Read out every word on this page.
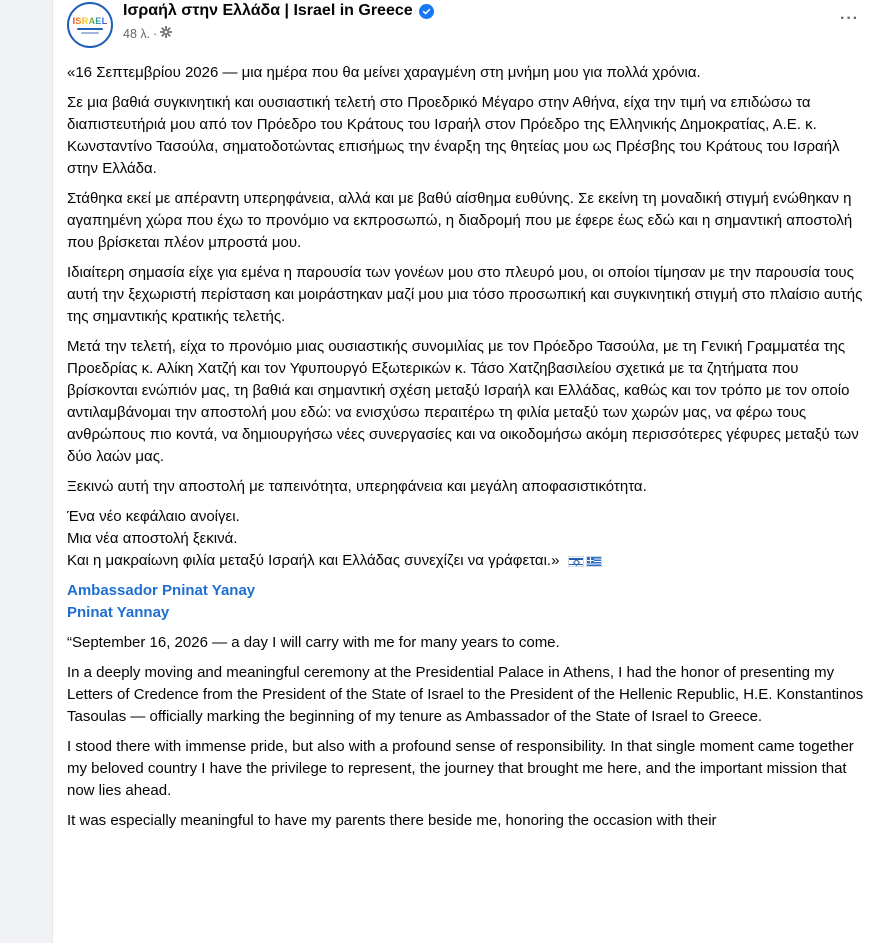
ISRAEL
Ισραήλ στην Ελλάδα | Israel in Greece
48 λ. ·
···

«16 Σεπτεμβρίου 2026 — μια ημέρα που θα μείνει χαραγμένη στη μνήμη μου για πολλά χρόνια.

Σε μια βαθιά συγκινητική και ουσιαστική τελετή στο Προεδρικό Μέγαρο στην Αθήνα, είχα την τιμή να επιδώσω τα διαπιστευτήριά μου από τον Πρόεδρο του Κράτους του Ισραήλ στον Πρόεδρο της Ελληνικής Δημοκρατίας, Α.Ε. κ. Κωνσταντίνο Τασούλα, σηματοδοτώντας επισήμως την έναρξη της θητείας μου ως Πρέσβης του Κράτους του Ισραήλ στην Ελλάδα.

Στάθηκα εκεί με απέραντη υπερηφάνεια, αλλά και με βαθύ αίσθημα ευθύνης. Σε εκείνη τη μοναδική στιγμή ενώθηκαν η αγαπημένη χώρα που έχω το προνόμιο να εκπροσωπώ, η διαδρομή που με έφερε έως εδώ και η σημαντική αποστολή που βρίσκεται πλέον μπροστά μου.

Ιδιαίτερη σημασία είχε για εμένα η παρουσία των γονέων μου στο πλευρό μου, οι οποίοι τίμησαν με την παρουσία τους αυτή την ξεχωριστή περίσταση και μοιράστηκαν μαζί μου μια τόσο προσωπική και συγκινητική στιγμή στο πλαίσιο αυτής της σημαντικής κρατικής τελετής.

Μετά την τελετή, είχα το προνόμιο μιας ουσιαστικής συνομιλίας με τον Πρόεδρο Τασούλα, με τη Γενική Γραμματέα της Προεδρίας κ. Αλίκη Χατζή και τον Υφυπουργό Εξωτερικών κ. Τάσο Χατζηβασιλείου σχετικά με τα ζητήματα που βρίσκονται ενώπιόν μας, τη βαθιά και σημαντική σχέση μεταξύ Ισραήλ και Ελλάδας, καθώς και τον τρόπο με τον οποίο αντιλαμβάνομαι την αποστολή μου εδώ: να ενισχύσω περαιτέρω τη φιλία μεταξύ των χωρών μας, να φέρω τους ανθρώπους πιο κοντά, να δημιουργήσω νέες συνεργασίες και να οικοδομήσω ακόμη περισσότερες γέφυρες μεταξύ των δύο λαών μας.

Ξεκινώ αυτή την αποστολή με ταπεινότητα, υπερηφάνεια και μεγάλη αποφασιστικότητα.

Ένα νέο κεφάλαιο ανοίγει.

Μια νέα αποστολή ξεκινά.

Και η μακραίωνη φιλία μεταξύ Ισραήλ και Ελλάδας συνεχίζει να γράφεται.»

Ambassador Pninat Yanay
Pninat Yannay

“September 16, 2026 — a day I will carry with me for many years to come.

In a deeply moving and meaningful ceremony at the Presidential Palace in Athens, I had the honor of presenting my Letters of Credence from the President of the State of Israel to the President of the Hellenic Republic, H.E. Konstantinos Tasoulas — officially marking the beginning of my tenure as Ambassador of the State of Israel to Greece.

I stood there with immense pride, but also with a profound sense of responsibility. In that single moment came together my beloved country I have the privilege to represent, the journey that brought me here, and the important mission that now lies ahead.

It was especially meaningful to have my parents there beside me, honoring the occasion with their
